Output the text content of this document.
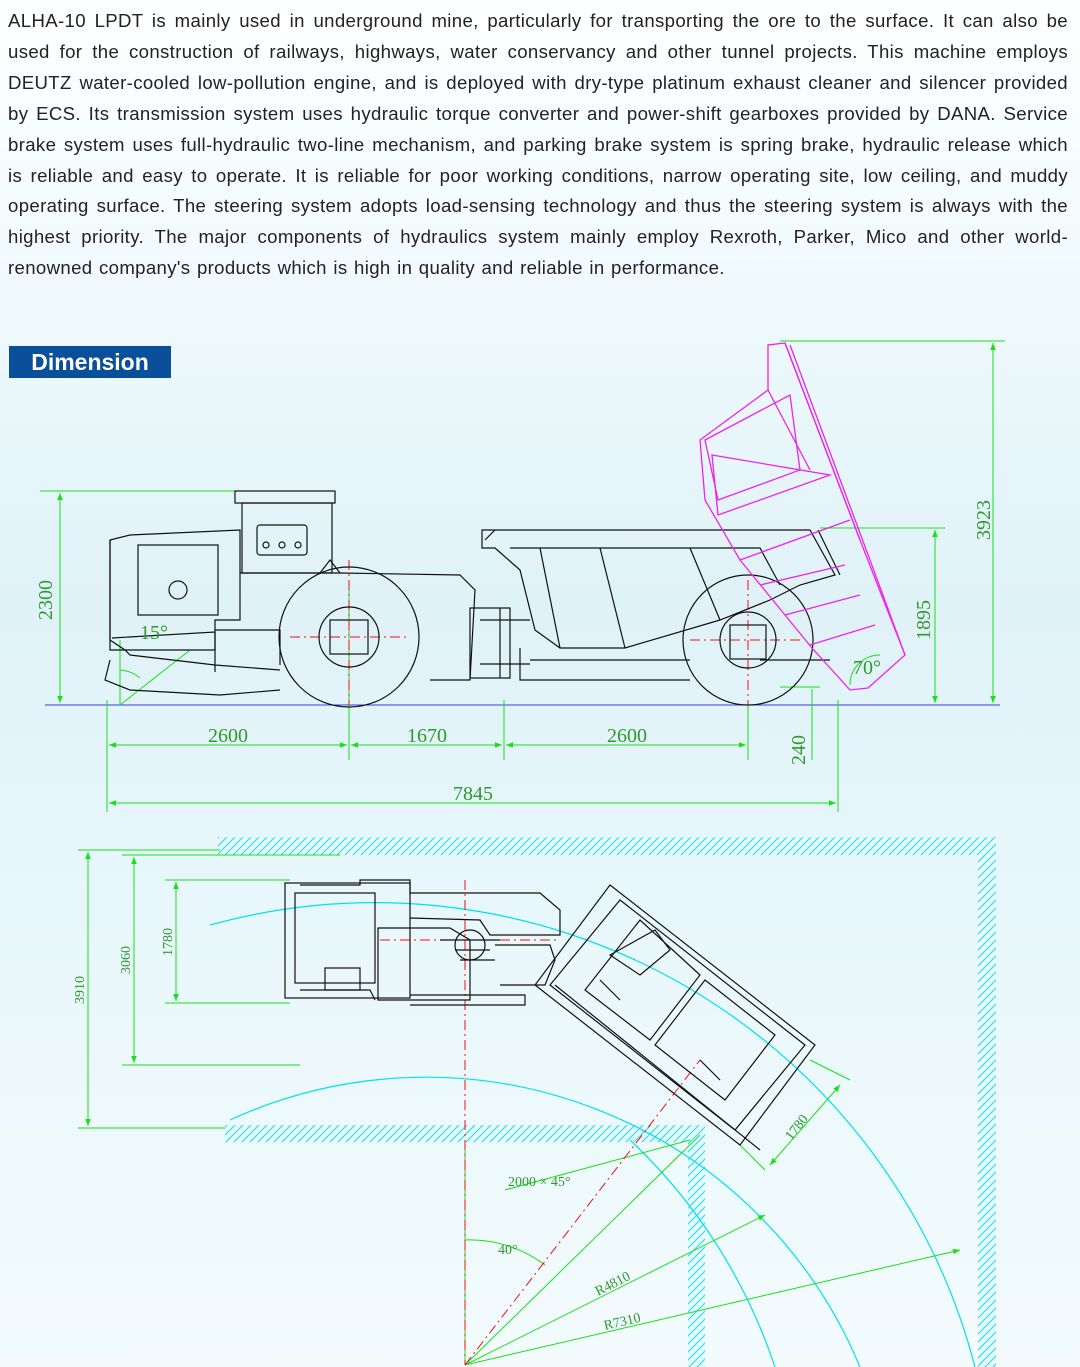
ALHA-10 LPDT is mainly used in underground mine, particularly for transporting the ore to the surface. It can also be used for the construction of railways, highways, water conservancy and other tunnel projects. This machine employs DEUTZ water-cooled low-pollution engine, and is deployed with dry-type platinum exhaust cleaner and silencer provided by ECS. Its transmission system uses hydraulic torque converter and power-shift gearboxes provided by DANA. Service brake system uses full-hydraulic two-line mechanism, and parking brake system is spring brake, hydraulic release which is reliable and easy to operate. It is reliable for poor working conditions, narrow operating site, low ceiling, and muddy operating surface. The steering system adopts load-sensing technology and thus the steering system is always with the highest priority. The major components of hydraulics system mainly employ Rexroth, Parker, Mico and other world-renowned company's products which is high in quality and reliable in performance.
Dimension
2300
3923
1895
240
2600	1670	2600
7845
15°
70°
3910
3060
1780
1780
2000 × 45°
40°
R4810
R7310
